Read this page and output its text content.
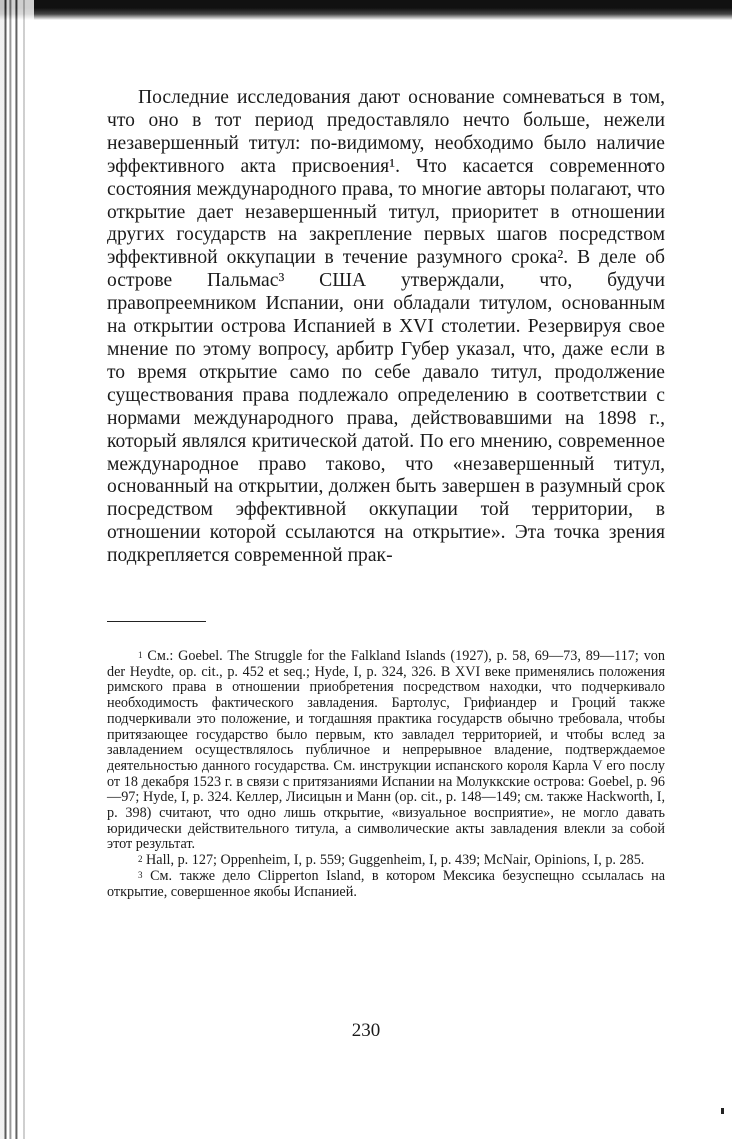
Последние исследования дают основание сомневаться в том, что оно в тот период предоставляло нечто больше, нежели незавершенный титул: по-видимому, необходимо было наличие эффективного акта присвоения¹. Что касается современного состояния международного права, то многие авторы полагают, что открытие дает незавершенный титул, приоритет в отношении других государств на закрепление первых шагов посредством эффективной оккупации в течение разумного срока². В деле об острове Пальмас³ США утверждали, что, будучи правопреемником Испании, они обладали титулом, основанным на открытии острова Испанией в XVI столетии. Резервируя свое мнение по этому вопросу, арбитр Губер указал, что, даже если в то время открытие само по себе давало титул, продолжение существования права подлежало определению в соответствии с нормами международного права, действовавшими на 1898 г., который являлся критической датой. По его мнению, современное международное право таково, что «незавершенный титул, основанный на открытии, должен быть завершен в разумный срок посредством эффективной оккупации той территории, в отношении которой ссылаются на открытие». Эта точка зрения подкрепляется современной прак-

$^1$ См.: Goebel. The Struggle for the Falkland Islands (1927), p. 58, 69—73, 89—117; von der Heydte, op. cit., p. 452 et seq.; Hyde, I, p. 324, 326. В XVI веке применялись положения римского права в отношении приобретения посредством находки, что подчеркивало необходимость фактического завладения. Бартолус, Грифиандер и Гроций также подчеркивали это положение, и тогдашняя практика государств обычно требовала, чтобы притязающее государство было первым, кто завладел территорией, и чтобы вслед за завладением осуществлялось публичное и непрерывное владение, подтверждаемое деятельностью данного государства. См. инструкции испанского короля Карла V его послу от 18 декабря 1523 г. в связи с притязаниями Испании на Молуккские острова: Goebel, p. 96—97; Hyde, I, p. 324. Келлер, Лисицын и Манн (op. cit., p. 148—149; см. также Hackworth, I, p. 398) считают, что одно лишь открытие, «визуальное восприятие», не могло давать юридически действительного титула, а символические акты завладения влекли за собой этот результат.

$^2$ Hall, p. 127; Oppenheim, I, p. 559; Guggenheim, I, p. 439; McNair, Opinions, I, p. 285.

$^3$ См. также дело Clipperton Island, в котором Мексика безуспещно ссылалась на открытие, совершенное якобы Испанией.

230
